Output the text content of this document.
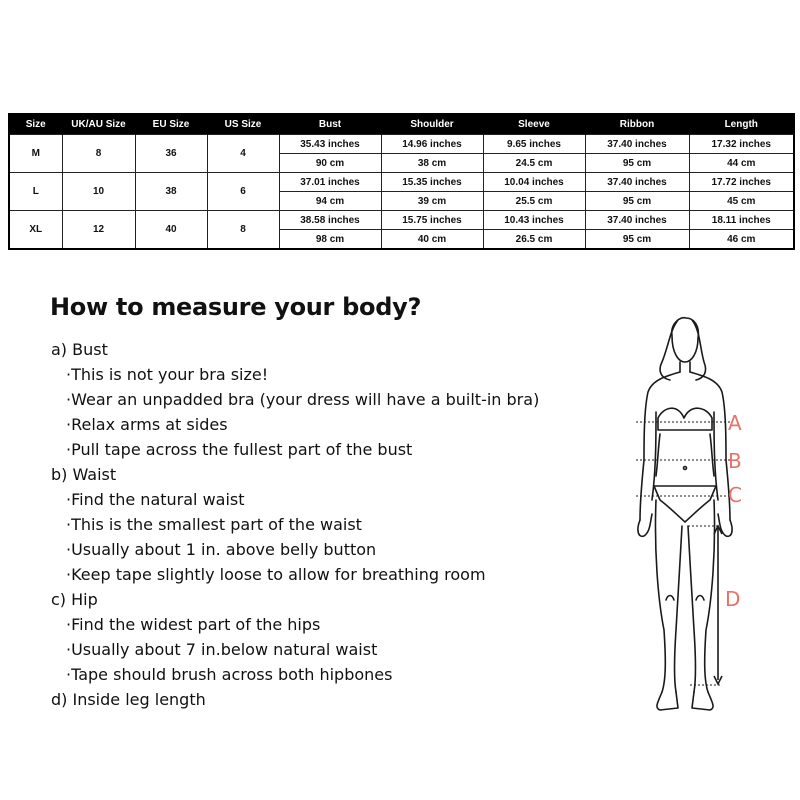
Size	UK/AU Size	EU Size	US Size	Bust	Shoulder	Sleeve	Ribbon	Length
M	8	36	4	35.43 inches	14.96 inches	9.65 inches	37.40 inches	17.32 inches
				90 cm	38 cm	24.5 cm	95 cm	44 cm
L	10	38	6	37.01 inches	15.35 inches	10.04 inches	37.40 inches	17.72 inches
				94 cm	39 cm	25.5 cm	95 cm	45 cm
XL	12	40	8	38.58 inches	15.75 inches	10.43 inches	37.40 inches	18.11 inches
				98 cm	40 cm	26.5 cm	95 cm	46 cm
How to measure your body?
a) Bust
· This is not your bra size!
· Wear an unpadded bra (your dress will have a built-in bra)
· Relax arms at sides
· Pull tape across the fullest part of the bust
b) Waist
· Find the natural waist
· This is the smallest part of the waist
· Usually about 1 in. above belly button
· Keep tape slightly loose to allow for breathing room
c) Hip
· Find the widest part of the hips
· Usually about 7 in.below natural waist
· Tape should brush across both hipbones
d) Inside leg length
A
B
C
D
